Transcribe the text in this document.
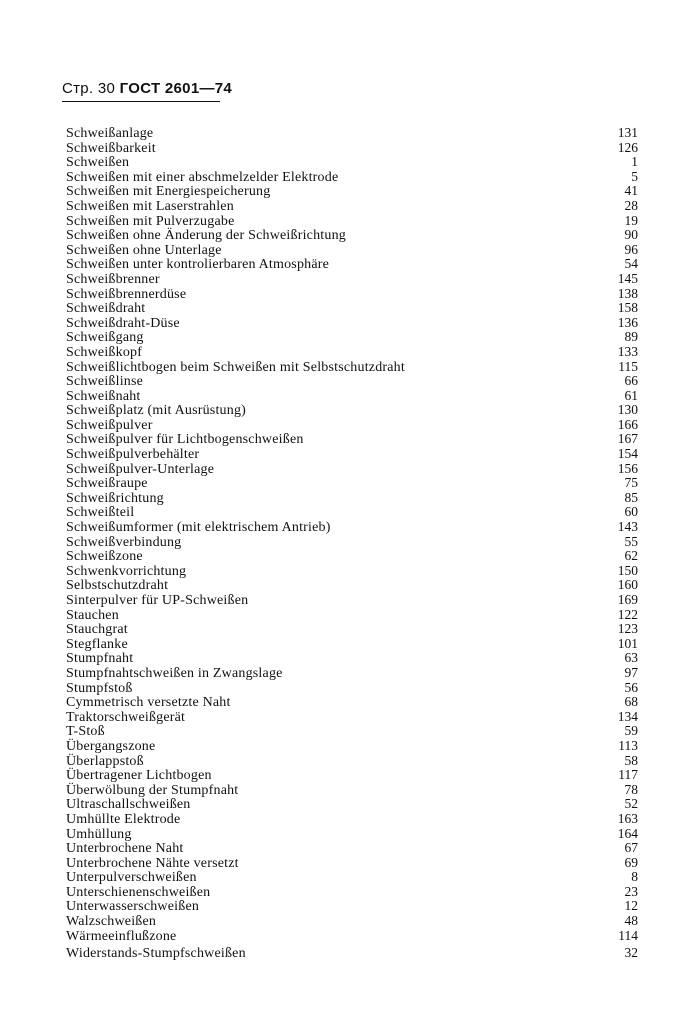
Стр. 30 ГОСТ 2601—74
Schweißanlage	131
Schweißbarkeit	126
Schweißen	1
Schweißen mit einer abschmelzelder Elektrode	5
Schweißen mit Energiespeicherung	41
Schweißen mit Laserstrahlen	28
Schweißen mit Pulverzugabe	19
Schweißen ohne Änderung der Schweißrichtung	90
Schweißen ohne Unterlage	96
Schweißen unter kontrolierbaren Atmosphäre	54
Schweißbrenner	145
Schweißbrennerdüse	138
Schweißdraht	158
Schweißdraht-Düse	136
Schweißgang	89
Schweißkopf	133
Schweißlichtbogen beim Schweißen mit Selbstschutzdraht	115
Schweißlinse	66
Schweißnaht	61
Schweißplatz (mit Ausrüstung)	130
Schweißpulver	166
Schweißpulver für Lichtbogenschweißen	167
Schweißpulverbehälter	154
Schweißpulver-Unterlage	156
Schweißraupe	75
Schweißrichtung	85
Schweißteil	60
Schweißumformer (mit elektrischem Antrieb)	143
Schweißverbindung	55
Schweißzone	62
Schwenkvorrichtung	150
Selbstschutzdraht	160
Sinterpulver für UP-Schweißen	169
Stauchen	122
Stauchgrat	123
Stegflanke	101
Stumpfnaht	63
Stumpfnahtschweißen in Zwangslage	97
Stumpfstoß	56
Cymmetrisch versetzte Naht	68
Traktorschweißgerät	134
T-Stoß	59
Übergangszone	113
Überlappstoß	58
Übertragener Lichtbogen	117
Überwölbung der Stumpfnaht	78
Ultraschallschweißen	52
Umhüllte Elektrode	163
Umhüllung	164
Unterbrochene Naht	67
Unterbrochene Nähte versetzt	69
Unterpulverschweißen	8
Unterschienenschweißen	23
Unterwasserschweißen	12
Walzschweißen	48
Wärmeeinflußzone	114
Widerstands-Stumpfschweißen	32
